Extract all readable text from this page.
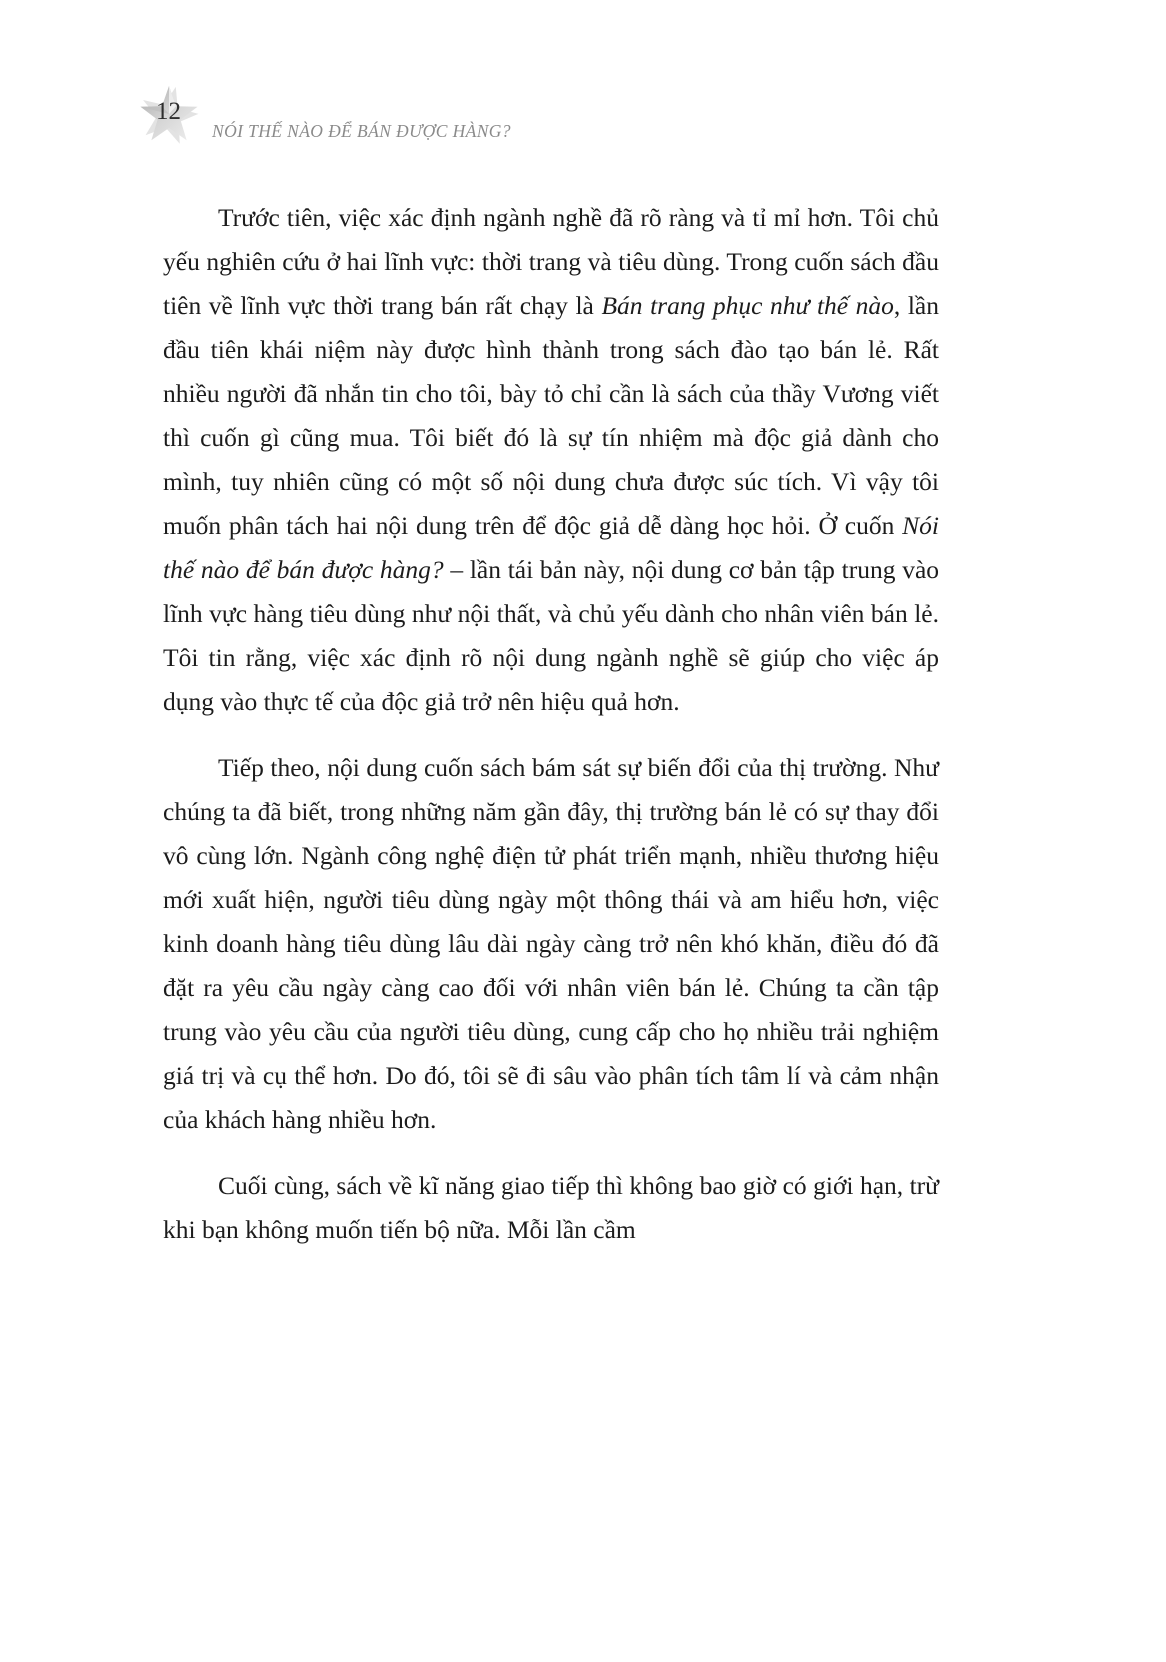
12
NÓI THẾ NÀO ĐỂ BÁN ĐƯỢC HÀNG?

Trước tiên, việc xác định ngành nghề đã rõ ràng và tỉ mỉ hơn. Tôi chủ yếu nghiên cứu ở hai lĩnh vực: thời trang và tiêu dùng. Trong cuốn sách đầu tiên về lĩnh vực thời trang bán rất chạy là Bán trang phục như thế nào, lần đầu tiên khái niệm này được hình thành trong sách đào tạo bán lẻ. Rất nhiều người đã nhắn tin cho tôi, bày tỏ chỉ cần là sách của thầy Vương viết thì cuốn gì cũng mua. Tôi biết đó là sự tín nhiệm mà độc giả dành cho mình, tuy nhiên cũng có một số nội dung chưa được súc tích. Vì vậy tôi muốn phân tách hai nội dung trên để độc giả dễ dàng học hỏi. Ở cuốn Nói thế nào để bán được hàng? – lần tái bản này, nội dung cơ bản tập trung vào lĩnh vực hàng tiêu dùng như nội thất, và chủ yếu dành cho nhân viên bán lẻ. Tôi tin rằng, việc xác định rõ nội dung ngành nghề sẽ giúp cho việc áp dụng vào thực tế của độc giả trở nên hiệu quả hơn.

Tiếp theo, nội dung cuốn sách bám sát sự biến đổi của thị trường. Như chúng ta đã biết, trong những năm gần đây, thị trường bán lẻ có sự thay đổi vô cùng lớn. Ngành công nghệ điện tử phát triển mạnh, nhiều thương hiệu mới xuất hiện, người tiêu dùng ngày một thông thái và am hiểu hơn, việc kinh doanh hàng tiêu dùng lâu dài ngày càng trở nên khó khăn, điều đó đã đặt ra yêu cầu ngày càng cao đối với nhân viên bán lẻ. Chúng ta cần tập trung vào yêu cầu của người tiêu dùng, cung cấp cho họ nhiều trải nghiệm giá trị và cụ thể hơn. Do đó, tôi sẽ đi sâu vào phân tích tâm lí và cảm nhận của khách hàng nhiều hơn.

Cuối cùng, sách về kĩ năng giao tiếp thì không bao giờ có giới hạn, trừ khi bạn không muốn tiến bộ nữa. Mỗi lần cầm
